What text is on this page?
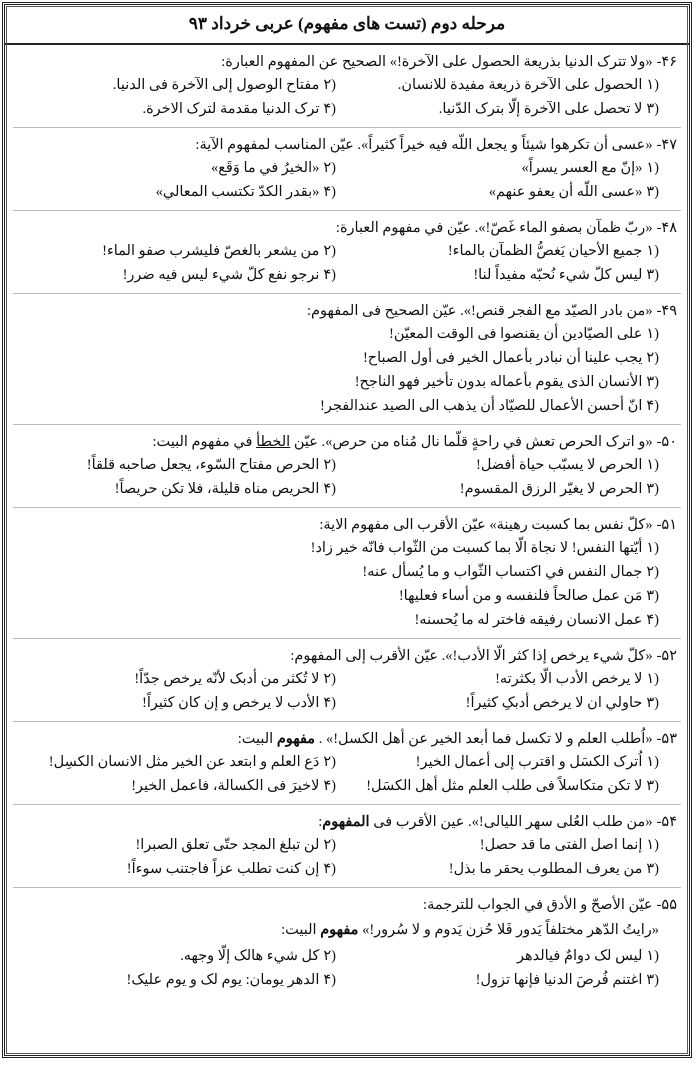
مرحله دوم (تست های مفهوم) عربی خرداد ۹۳
۴۶-«ولا تترک الدنیا بذریعة الحصول علی الآخرة!» الصحیح عن المفهوم العبارة:
۱)الحصول علی الآخرة ذریعة مفیدة للانسان.
۲)مفتاح الوصول إلی الآخرة فی الدنیا.
۳)لا تحصل علی الآخرة إلّا بترک الدّنیا.
۴)ترک الدنیا مقدمة لترک الاخرة.
۴۷-«عسی أن تکرهوا شیئاً و یجعل اللّه فیه خیراً کثیراً». عیّن المناسب لمفهوم الآیة:
۱)«إنّ مع العسر یسراً»
۲)«الخیرُ في ما وَقَع»
۳)«عسی اللّه أن یعفو عنهم»
۴)«بقدر الکدّ تکتسب المعالي»
۴۸-«ربّ ظمآن بصفو الماء غَصّ!». عیّن في مفهوم العبارة:
۱)جمیع الأحیان یَغصُّ الظمآن بالماء!
۲)من یشعر بالغصّ فلیشرب صفو الماء!
۳)لیس کلّ شيء نُحبّه مفیداً لنا!
۴)نرجو نفع کلّ شيء لیس فیه ضرر!
۴۹-«من بادر الصیّد مع الفجر قنص!». عیّن الصحیح فی المفهوم:
۱)علی الصیّادین أن یقنصوا فی الوقت المعیّن!
۲)یجب علینا أن نبادر بأعمال الخیر فی أول الصباح!
۳)الأنسان الذی یقوم بأعماله بدون تأخیر فهو الناجح!
۴)انّ أحسن الأعمال للصیّاد أن یذهب الی الصید عندالفجر!
۵۰-«و اترک الحرص تعش في راحةٍ قلّما نال مُناه من حرص». عیّن الخطأ في مفهوم البیت:
۱)الحرص لا یسبّب حیاة أفضل!
۲)الحرص مفتاح السّوء، یجعل صاحبه قلقاً!
۳)الحرص لا یغیّر الرزق المقسوم!
۴)الحریص مناه قلیلة، فلا تکن حریصاً!
۵۱-«کلّ نفس بما کسبت رهینة» عیّن الأقرب الی مفهوم الایة:
۱)أیّتها النفس! لا نجاة الّا بما کسبت من الثّواب فانّه خیر زاد!
۲)جمال النفس في اکتساب الثّواب و ما یُسأل عنه!
۳)مَن عمل صالحاً فلنفسه و من أساء فعلیها!
۴)عمل الانسان رفیقه فاختر له ما یُحسنه!
۵۲-«کلّ شيء یرخص إذا کثر الّا الأدب!». عیّن الأقرب إلی المفهوم:
۱)لا یرخص الأدب الّا بکثرته!
۲)لا تُکثر من أدبک لأنّه یرخص جدّاً!
۳)حاولي ان لا یرخص أدبکِ کثیراً!
۴)الأدب لا یرخص و إن کان کثیراً!
۵۳-«اُطلب العلم و لا تکسل فما أبعد الخیر عن أهل الکسل!» . مفهوم البیت:
۱)اُترک الکسَل و اقترب إلی أعمال الخیر!
۲)دَع العلم و ابتعد عن الخیر مثل الانسان الکسِل!
۳)لا تکن متکاسلاً فی طلب العلم مثل أهل الکسَل!
۴)لاخیرَ فی الکسالة، فاعمل الخیر!
۵۴-«من طلب العُلی سهر اللیالی!». عین الأقرب فی المفهوم:
۱)إنما اصل الفتی ما قد حصل!
۲)لن تبلغ المجد حتّی تعلق الصبرا!
۳)من یعرف المطلوب یحقر ما بذل!
۴)إن کنت تطلب عزاً فاجتنب سوءاً!
۵۵-عیّن الأصحّ و الأدق في الجواب للترجمة:
«رایتُ الدّهر مختلفاً یَدور فَلا حُزن یَدوم و لا سُرور!» مفهوم البیت:
۱)لیس لک دوامٌ فيالدهر
۲)کل شيء هالک إلّا وجهه.
۳)اغتنم فُرصَ الدنیا فإنها تزول!
۴)الدهر یومان: یوم لک و یوم علیک!
